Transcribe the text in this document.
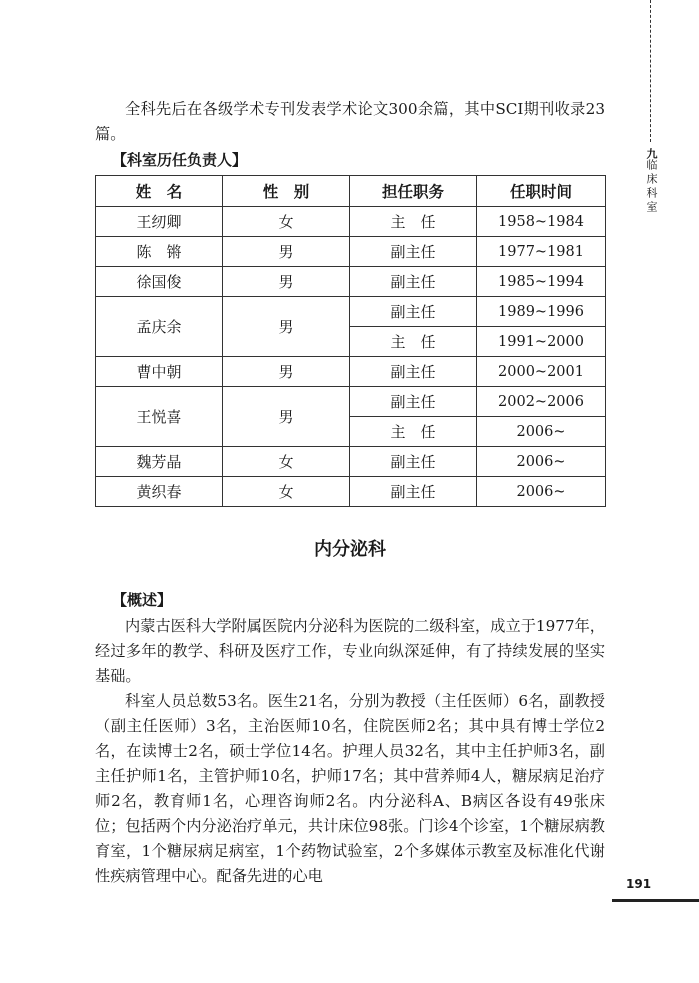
九临床科室

全科先后在各级学术专刊发表学术论文300余篇，其中SCI期刊收录23篇。

【科室历任负责人】
姓　名	性　别	担任职务	任职时间
王纫卿	女	主　任	1958~1984
陈　锵	男	副主任	1977~1981
徐国俊	男	副主任	1985~1994
孟庆余	男	副主任	1989~1996
		主　任	1991~2000
曹中朝	男	副主任	2000~2001
王悦喜	男	副主任	2002~2006
		主　任	2006~
魏芳晶	女	副主任	2006~
黄织春	女	副主任	2006~
内分泌科
【概述】

内蒙古医科大学附属医院内分泌科为医院的二级科室，成立于1977年，经过多年的教学、科研及医疗工作，专业向纵深延伸，有了持续发展的坚实基础。

科室人员总数53名。医生21名，分别为教授（主任医师）6名，副教授（副主任医师）3名，主治医师10名，住院医师2名；其中具有博士学位2名，在读博士2名，硕士学位14名。护理人员32名，其中主任护师3名，副主任护师1名，主管护师10名，护师17名；其中营养师4人，糖尿病足治疗师2名，教育师1名，心理咨询师2名。内分泌科A、B病区各设有49张床位；包括两个内分泌治疗单元，共计床位98张。门诊4个诊室，1个糖尿病教育室，1个糖尿病足病室，1个药物试验室，2个多媒体示教室及标准化代谢性疾病管理中心。配备先进的心电	191
